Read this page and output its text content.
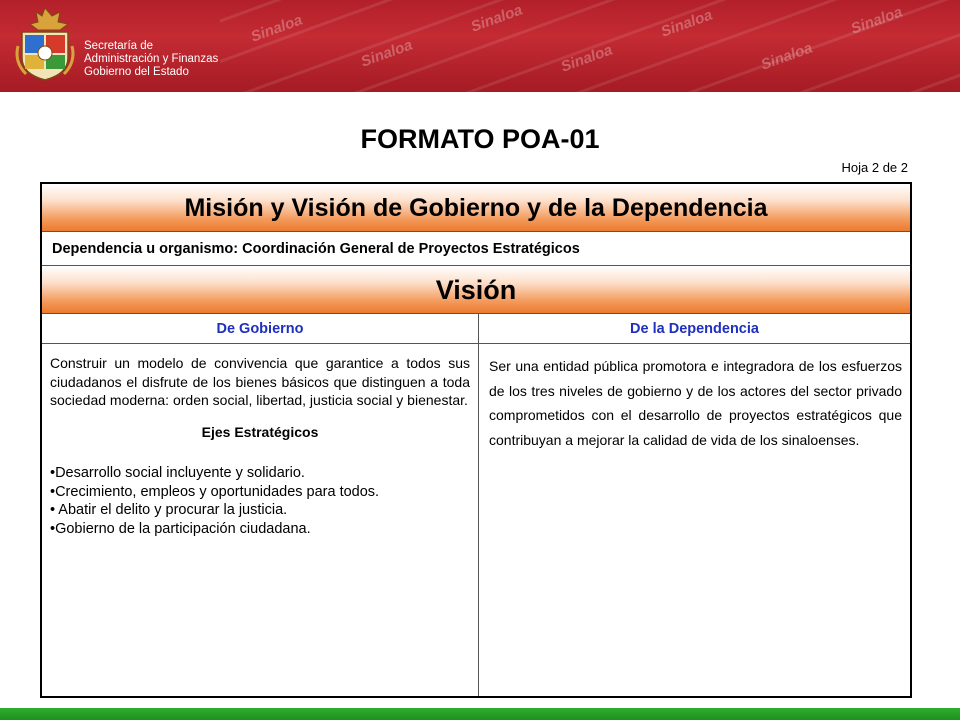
Sinaloa
Sinaloa
Sinaloa
Sinaloa
Sinaloa
Sinaloa
Sinaloa
Secretaría de
Administración y Finanzas
Gobierno del Estado
FORMATO POA-01
Hoja 2 de 2
Misión y Visión de Gobierno y de la Dependencia
Dependencia u organismo: Coordinación General de Proyectos Estratégicos
Visión
De Gobierno	De la Dependencia

Construir un modelo de convivencia que garantice a todos sus ciudadanos el disfrute de los bienes básicos que distinguen a toda sociedad moderna: orden social, libertad, justicia social y bienestar.

Ejes Estratégicos
• Desarrollo social incluyente y solidario.
• Crecimiento, empleos y oportunidades para todos.
• Abatir el delito y procurar la justicia.
• Gobierno de la participación ciudadana.

Ser una entidad pública promotora e integradora de los esfuerzos de los tres niveles de gobierno y de los actores del sector privado comprometidos con el desarrollo de proyectos estratégicos que contribuyan a mejorar la calidad de vida de los sinaloenses.
